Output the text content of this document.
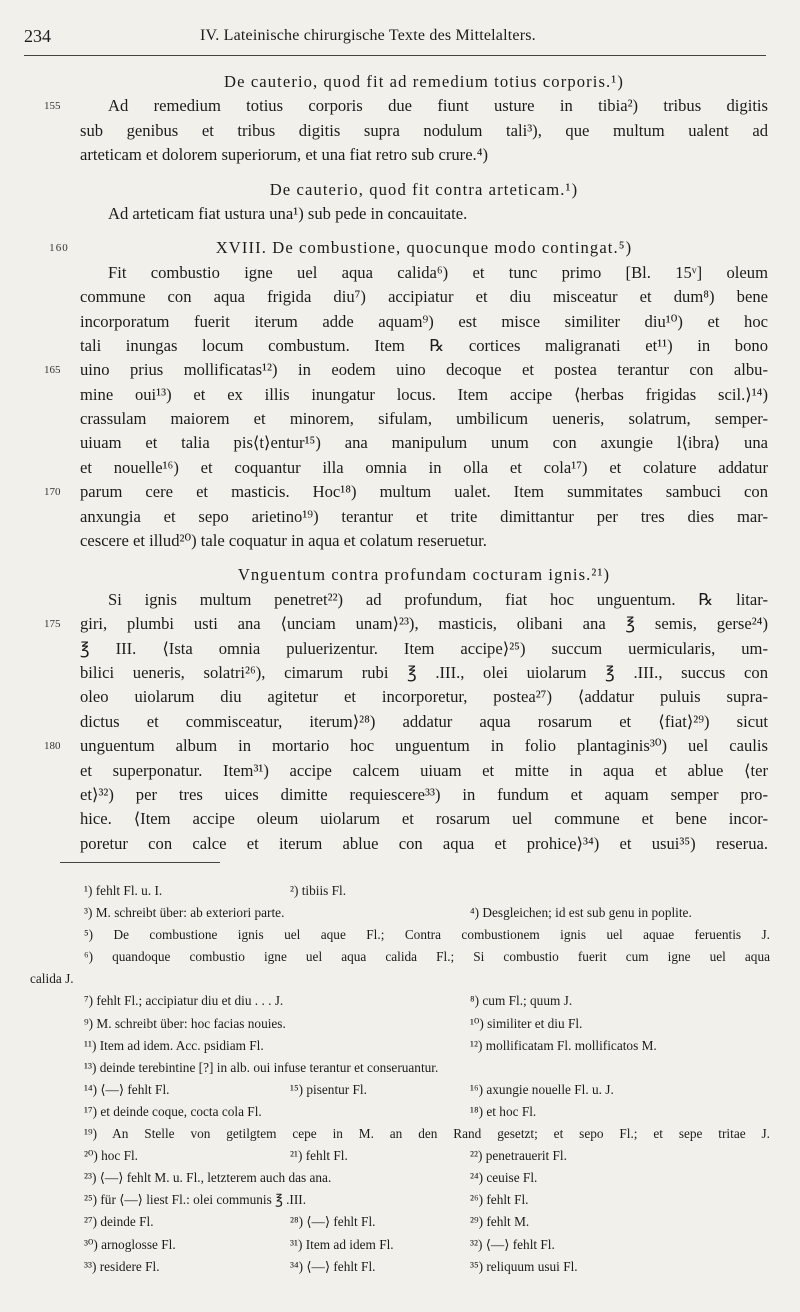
234	IV. Lateinische chirurgische Texte des Mittelalters.
De cauterio, quod fit ad remedium totius corporis.¹)
155	Ad remedium totius corporis due fiunt usture in tibia²) tribus digitis
sub genibus et tribus digitis supra nodulum tali³), que multum ualent ad
arteticam et dolorem superiorum, et una fiat retro sub crure.⁴)
De cauterio, quod fit contra arteticam.¹)
Ad arteticam fiat ustura una¹) sub pede in concauitate.
160	XVIII. De combustione, quocunque modo contingat.⁵)
Fit combustio igne uel aqua calida⁶) et tunc primo [Bl. 15ᵛ] oleum
commune con aqua frigida diu⁷) accipiatur et diu misceatur et dum⁸) bene
incorporatum fuerit iterum adde aquam⁹) est misce similiter diu¹⁰) et hoc
tali inungas locum combustum. Item ℞ cortices maligranati et¹¹) in bono
165	uino prius mollificatas¹²) in eodem uino decoque et postea terantur con albu-
mine oui¹³) et ex illis inungatur locus. Item accipe ⟨herbas frigidas scil.⟩¹⁴)
crassulam maiorem et minorem, sifulam, umbilicum ueneris, solatrum, semper-
uiuam et talia pis⟨t⟩entur¹⁵) ana manipulum unum con axungie l⟨ibra⟩ una
et nouelle¹⁶) et coquantur illa omnia in olla et cola¹⁷) et colature addatur
170	parum cere et masticis. Hoc¹⁸) multum ualet. Item summitates sambuci con
anxungia et sepo arietino¹⁹) terantur et trite dimittantur per tres dies mar-
cescere et illud²⁰) tale coquatur in aqua et colatum reseruetur.
Vnguentum contra profundam cocturam ignis.²¹)
Si ignis multum penetret²²) ad profundum, fiat hoc unguentum. ℞ litar-
175	giri, plumbi usti ana ⟨unciam unam⟩²³), masticis, olibani ana ℥ semis, gerse²⁴)
℥ III. ⟨Ista omnia puluerizentur. Item accipe⟩²⁵) succum uermicularis, um-
bilici ueneris, solatri²⁶), cimarum rubi ℥ .III., olei uiolarum ℥ .III., succus con
oleo uiolarum diu agitetur et incorporetur, postea²⁷) ⟨addatur puluis supra-
dictus et commisceatur, iterum⟩²⁸) addatur aqua rosarum et ⟨fiat⟩²⁹) sicut
180	unguentum album in mortario hoc unguentum in folio plantaginis³⁰) uel caulis
et superponatur. Item³¹) accipe calcem uiuam et mitte in aqua et ablue ⟨ter
et⟩³²) per tres uices dimitte requiescere³³) in fundum et aquam semper pro-
hice. ⟨Item accipe oleum uiolarum et rosarum uel commune et bene incor-
poretur con calce et iterum ablue con aqua et prohice⟩³⁴) et usui³⁵) reserua.
¹) fehlt Fl. u. I.	²) tibiis Fl.
³) M. schreibt über: ab exteriori parte.	⁴) Desgleichen; id est sub genu in poplite.
⁵) De combustione ignis uel aque Fl.; Contra combustionem ignis uel aquae feruentis J.
⁶) quandoque combustio igne uel aqua calida Fl.; Si combustio fuerit cum igne uel aqua
calida J.
⁷) fehlt Fl.; accipiatur diu et diu . . . J.	⁸) cum Fl.; quum J.
⁹) M. schreibt über: hoc facias nouies.	¹⁰) similiter et diu Fl.
¹¹) Item ad idem. Acc. psidiam Fl.	¹²) mollificatam Fl. mollificatos M.
¹³) deinde terebintine [?] in alb. oui infuse terantur et conseruantur.
¹⁴) ⟨—⟩ fehlt Fl.	¹⁵) pisentur Fl.	¹⁶) axungie nouelle Fl. u. J.
¹⁷) et deinde coque, cocta cola Fl.	¹⁸) et hoc Fl.
¹⁹) An Stelle von getilgtem cepe in M. an den Rand gesetzt; et sepo Fl.; et sepe tritae J.
²⁰) hoc Fl.	²¹) fehlt Fl.	²²) penetrauerit Fl.
²³) ⟨—⟩ fehlt M. u. Fl., letzterem auch das ana.	²⁴) ceuise Fl.
²⁵) für ⟨—⟩ liest Fl.: olei communis ℥ .III.	²⁶) fehlt Fl.
²⁷) deinde Fl.	²⁸) ⟨—⟩ fehlt Fl.	²⁹) fehlt M.
³⁰) arnoglosse Fl.	³¹) Item ad idem Fl.	³²) ⟨—⟩ fehlt Fl.
³³) residere Fl.	³⁴) ⟨—⟩ fehlt Fl.	³⁵) reliquum usui Fl.
